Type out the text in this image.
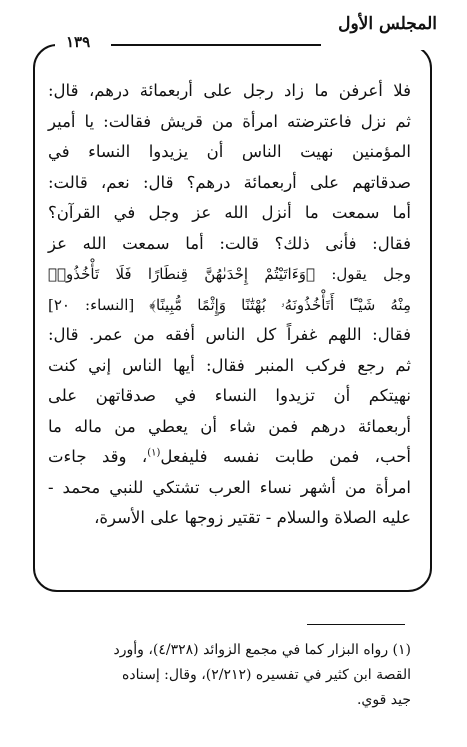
المجلس الأول
١٣٩
فلا أعرفن ما زاد رجل على أربعمائة درهم، قال:
ثم نزل فاعترضته امرأة من قريش فقالت: يا أمير
المؤمنين نهيت الناس أن يزيدوا النساء في
صدقاتهم على أربعمائة درهم؟ قال: نعم، قالت:
أما سمعت ما أنزل الله عز وجل في القرآن؟
فقال: فأنى ذلك؟ قالت: أما سمعت الله عز
وجل يقول: ﴿وَءَاتَيْتُمْ إِحْدَىٰهُنَّ قِنطَارًا فَلَا تَأْخُذُوا۟
مِنْهُ شَيْـًٔا أَتَأْخُذُونَهُۥ بُهْتَٰنًا وَإِثْمًا مُّبِينًا﴾ [النساء: ٢٠]
فقال: اللهم غفراً كل الناس أفقه من عمر. قال:
ثم رجع فركب المنبر فقال: أيها الناس إني كنت
نهيتكم أن تزيدوا النساء في صدقاتهن على
أربعمائة درهم فمن شاء أن يعطي من ماله ما
أحب، فمن طابت نفسه فليفعل$^{(١)}$، وقد جاءت
امرأة من أشهر نساء العرب تشتكي للنبي محمد -
عليه الصلاة والسلام - تقتير زوجها على الأسرة،
(١) رواه البزار كما في مجمع الزوائد (٤/٣٢٨)، وأورد
القصة ابن كثير في تفسيره (٢/٢١٢)، وقال: إسناده
جيد قوي.
